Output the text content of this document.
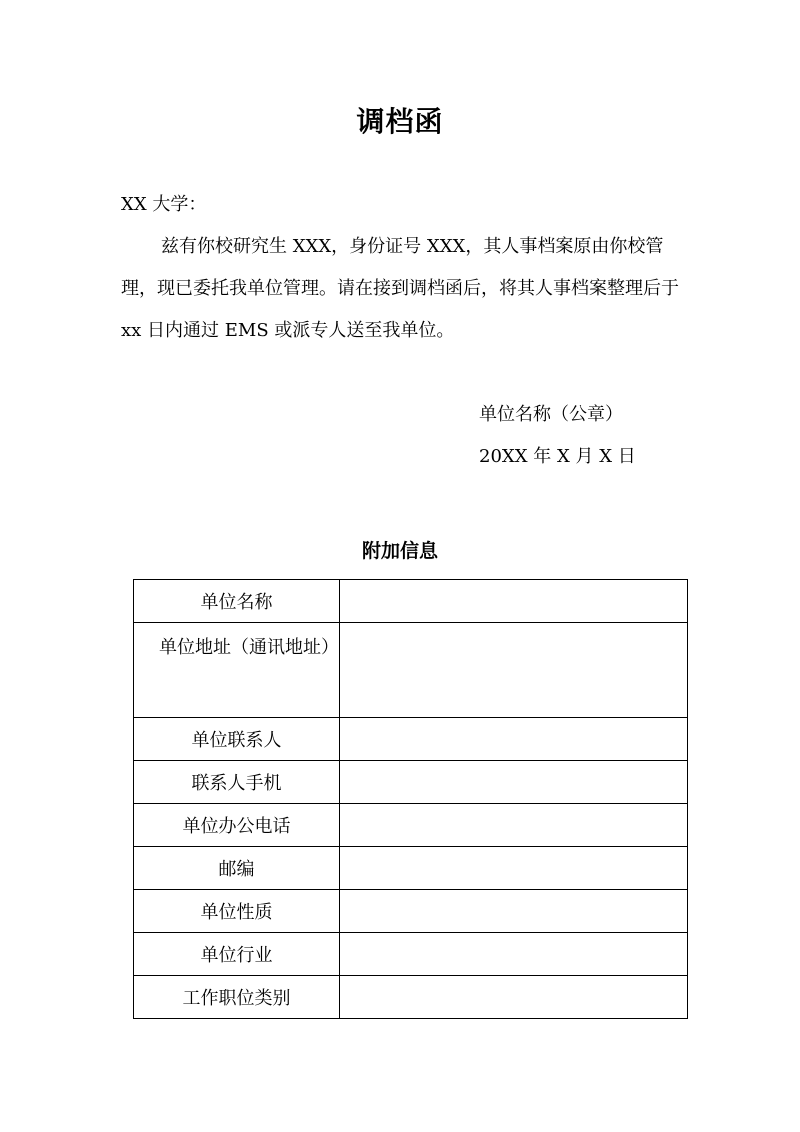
调档函
XX 大学：

兹有你校研究生 XXX，身份证号 XXX，其人事档案原由你校管理，现已委托我单位管理。请在接到调档函后，将其人事档案整理后于 xx 日内通过 EMS 或派专人送至我单位。

单位名称（公章）
20XX 年 X 月 X 日
附加信息
单位名称	
单位地址（通讯地址）	
单位联系人	
联系人手机	
单位办公电话	
邮编	
单位性质	
单位行业	
工作职位类别	
